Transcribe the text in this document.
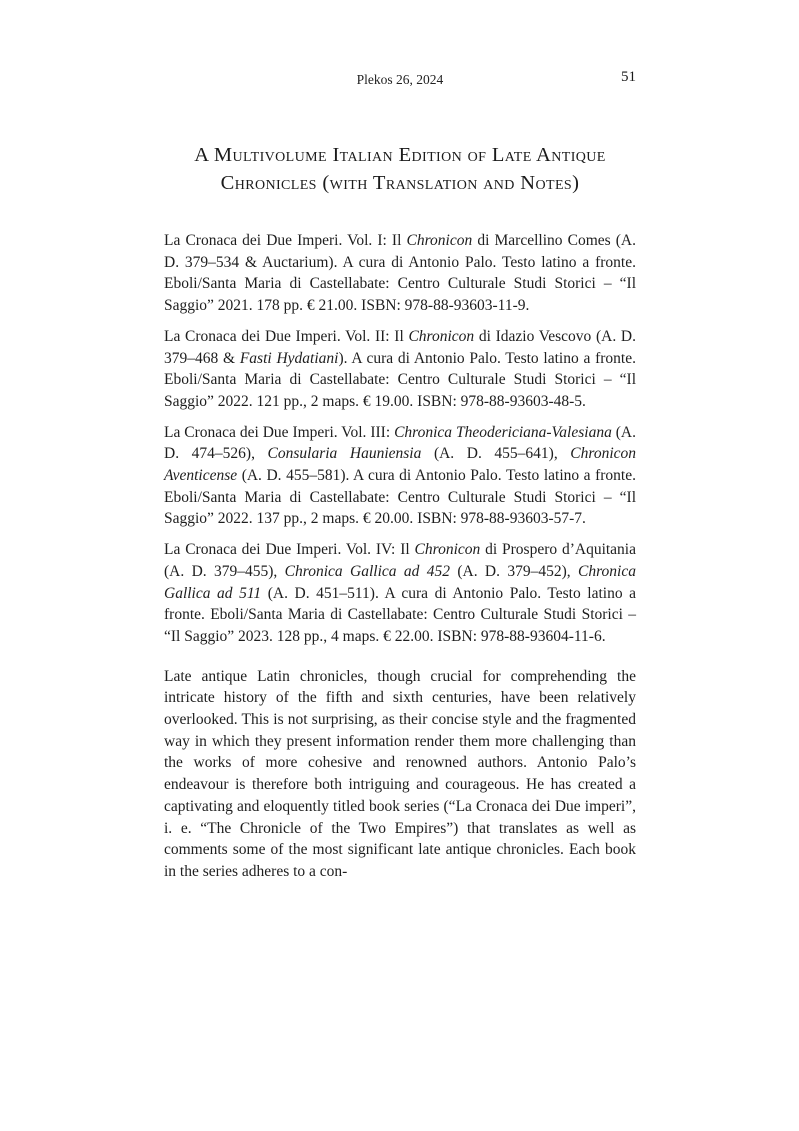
Plekos 26, 2024	51
A Multivolume Italian Edition of Late Antique
Chronicles (with Translation and Notes)

La Cronaca dei Due Imperi. Vol. I: Il Chronicon di Marcellino Comes (A. D. 379–534 & Auctarium). A cura di Antonio Palo. Testo latino a fronte. Eboli/Santa Maria di Castellabate: Centro Culturale Studi Storici – “Il Saggio” 2021. 178 pp. € 21.00. ISBN: 978-88-93603-11-9.

La Cronaca dei Due Imperi. Vol. II: Il Chronicon di Idazio Vescovo (A. D. 379–468 & Fasti Hydatiani). A cura di Antonio Palo. Testo latino a fronte. Eboli/Santa Maria di Castellabate: Centro Culturale Studi Storici – “Il Saggio” 2022. 121 pp., 2 maps. € 19.00. ISBN: 978-88-93603-48-5.

La Cronaca dei Due Imperi. Vol. III: Chronica Theodericiana-Valesiana (A. D. 474–526), Consularia Hauniensia (A. D. 455–641), Chronicon Aventicense (A. D. 455–581). A cura di Antonio Palo. Testo latino a fronte. Eboli/Santa Maria di Castellabate: Centro Culturale Studi Storici – “Il Saggio” 2022. 137 pp., 2 maps. € 20.00. ISBN: 978-88-93603-57-7.

La Cronaca dei Due Imperi. Vol. IV: Il Chronicon di Prospero d’Aquitania (A. D. 379–455), Chronica Gallica ad 452 (A. D. 379–452), Chronica Gallica ad 511 (A. D. 451–511). A cura di Antonio Palo. Testo latino a fronte. Eboli/Santa Maria di Castellabate: Centro Culturale Studi Storici – “Il Saggio” 2023. 128 pp., 4 maps. € 22.00. ISBN: 978-88-93604-11-6.

Late antique Latin chronicles, though crucial for comprehending the intricate history of the fifth and sixth centuries, have been relatively overlooked. This is not surprising, as their concise style and the fragmented way in which they present information render them more challenging than the works of more cohesive and renowned authors. Antonio Palo’s endeavour is therefore both intriguing and courageous. He has created a captivating and eloquently titled book series (“La Cronaca dei Due imperi”, i. e. “The Chronicle of the Two Empires”) that translates as well as comments some of the most significant late antique chronicles. Each book in the series adheres to a con-
